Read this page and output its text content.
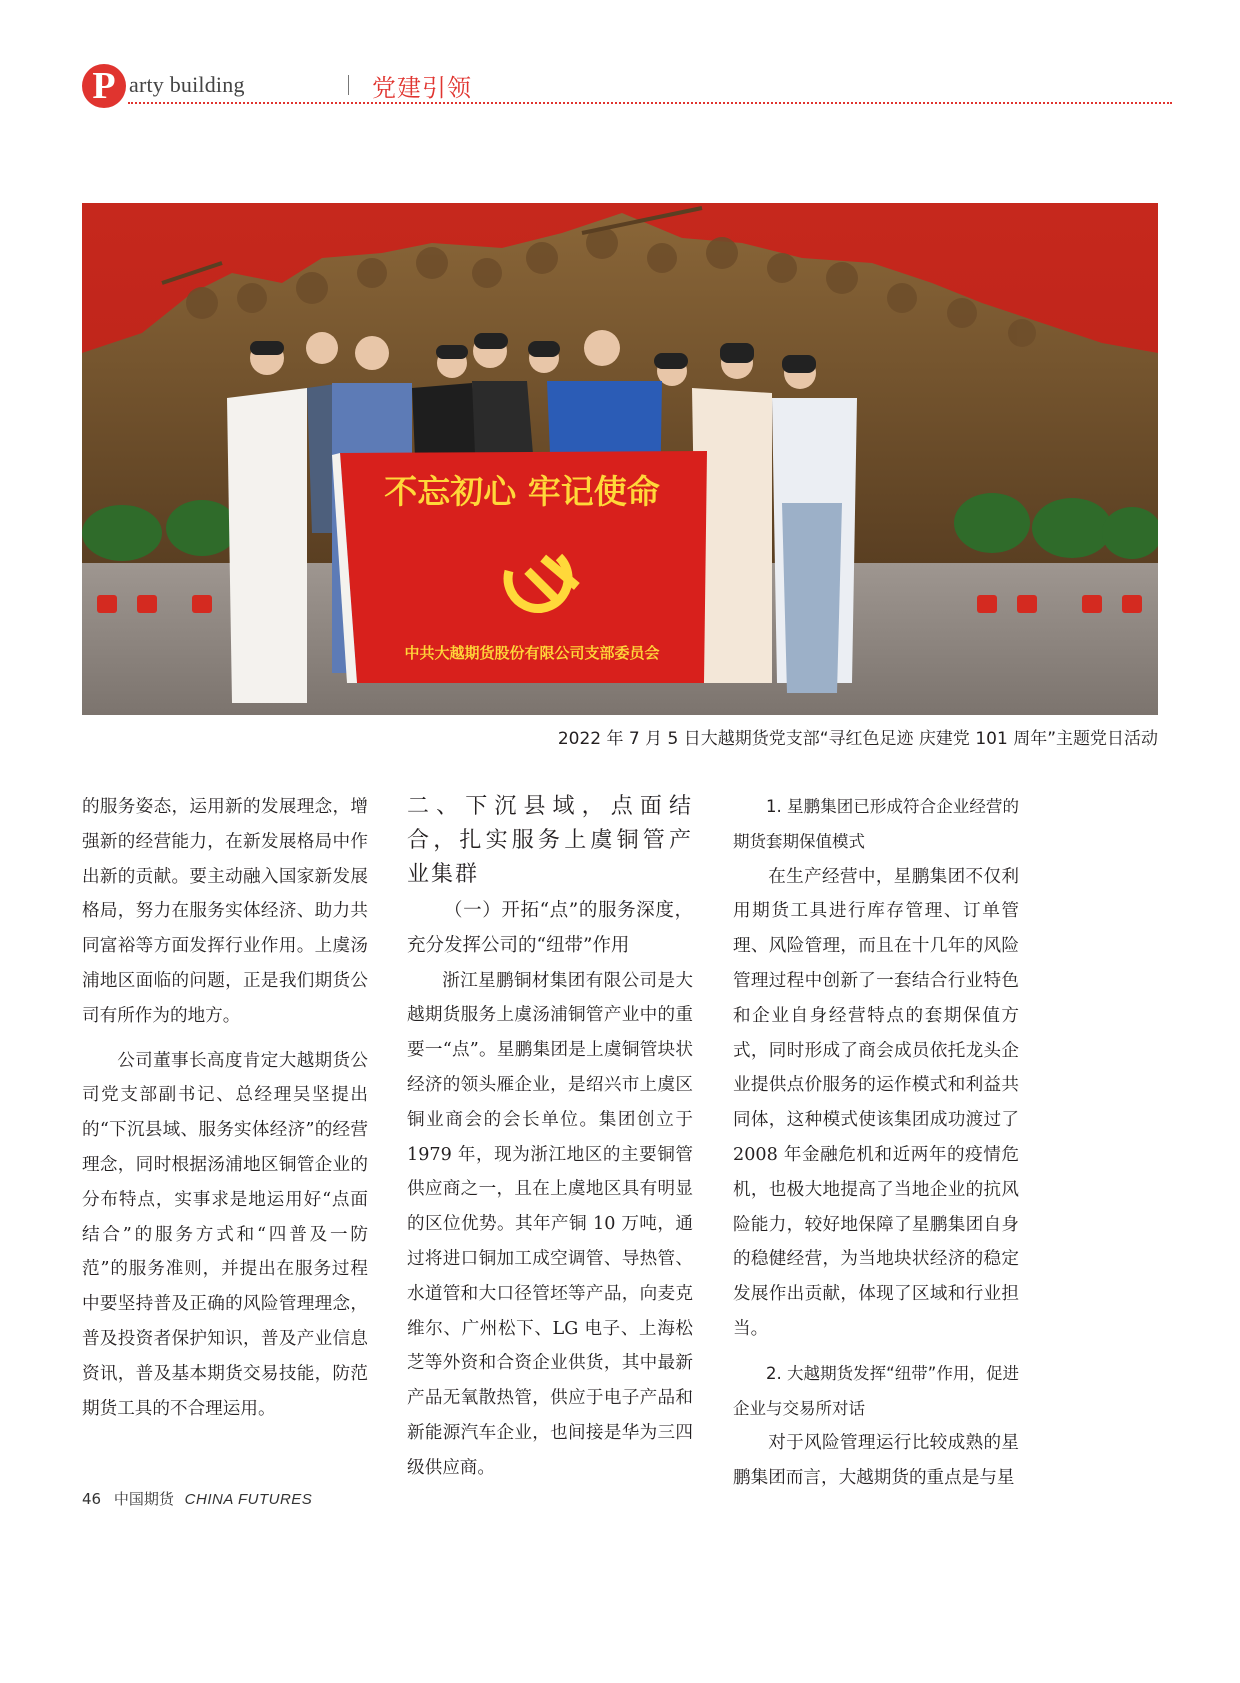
P arty building	党建引领
不忘初心 牢记使命
中共大越期货股份有限公司支部委员会
2022 年 7 月 5 日大越期货党支部“寻红色足迹 庆建党 101 周年”主题党日活动

的服务姿态，运用新的发展理念，增强新的经营能力，在新发展格局中作出新的贡献。要主动融入国家新发展格局，努力在服务实体经济、助力共同富裕等方面发挥行业作用。上虞汤浦地区面临的问题，正是我们期货公司有所作为的地方。

公司董事长高度肯定大越期货公司党支部副书记、总经理吴坚提出的“下沉县域、服务实体经济”的经营理念，同时根据汤浦地区铜管企业的分布特点，实事求是地运用好“点面结合”的服务方式和“四普及一防范”的服务准则，并提出在服务过程中要坚持普及正确的风险管理理念，普及投资者保护知识，普及产业信息资讯，普及基本期货交易技能，防范期货工具的不合理运用。

二、下沉县域，点面结合，扎实服务上虞铜管产业集群

（一）开拓“点”的服务深度，充分发挥公司的“纽带”作用

浙江星鹏铜材集团有限公司是大越期货服务上虞汤浦铜管产业中的重要一“点”。星鹏集团是上虞铜管块状经济的领头雁企业，是绍兴市上虞区铜业商会的会长单位。集团创立于 1979 年，现为浙江地区的主要铜管供应商之一，且在上虞地区具有明显的区位优势。其年产铜 10 万吨，通过将进口铜加工成空调管、导热管、水道管和大口径管坯等产品，向麦克维尔、广州松下、LG 电子、上海松芝等外资和合资企业供货，其中最新产品无氧散热管，供应于电子产品和新能源汽车企业，也间接是华为三四级供应商。

1. 星鹏集团已形成符合企业经营的期货套期保值模式

在生产经营中，星鹏集团不仅利用期货工具进行库存管理、订单管理、风险管理，而且在十几年的风险管理过程中创新了一套结合行业特色和企业自身经营特点的套期保值方式，同时形成了商会成员依托龙头企业提供点价服务的运作模式和利益共同体，这种模式使该集团成功渡过了 2008 年金融危机和近两年的疫情危机，也极大地提高了当地企业的抗风险能力，较好地保障了星鹏集团自身的稳健经营，为当地块状经济的稳定发展作出贡献，体现了区域和行业担当。

2. 大越期货发挥“纽带”作用，促进企业与交易所对话

对于风险管理运行比较成熟的星鹏集团而言，大越期货的重点是与星

46 中国期货 CHINA FUTURES
